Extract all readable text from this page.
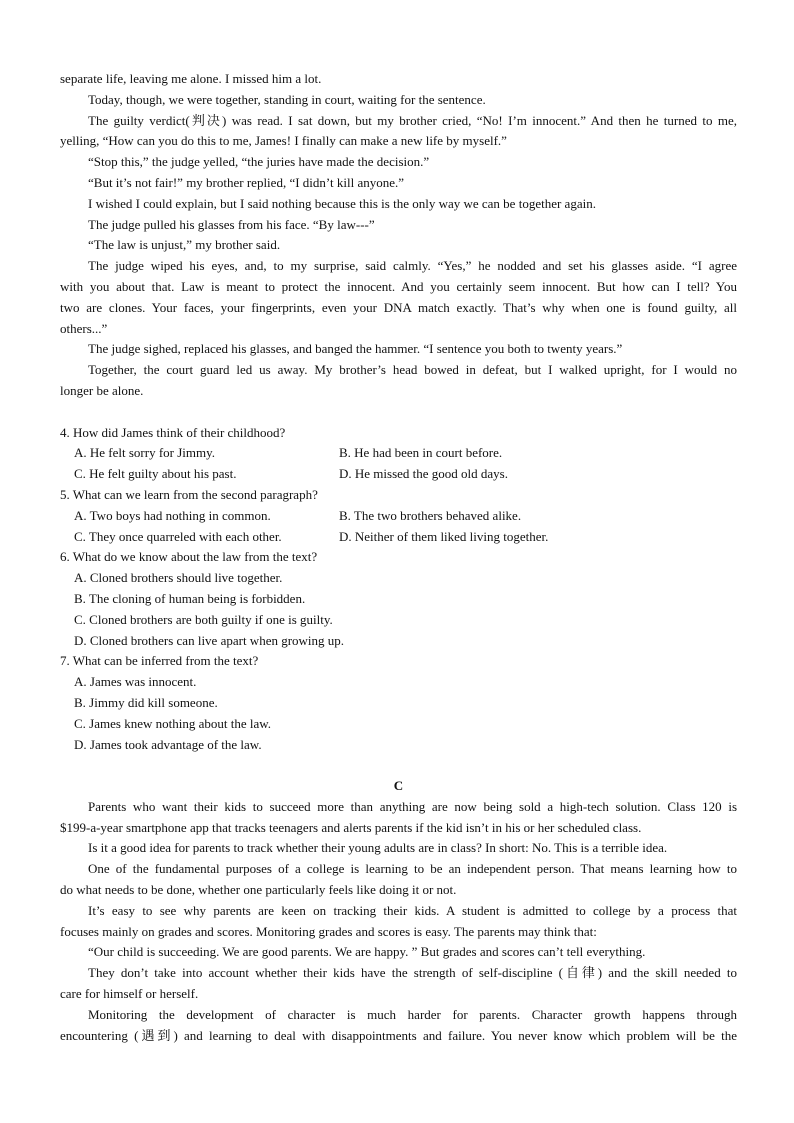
separate life, leaving me alone. I missed him a lot.

Today, though, we were together, standing in court, waiting for the sentence.

The guilty verdict(判决) was read. I sat down, but my brother cried, “No! I’m innocent.” And then he turned to me,

yelling, “How can you do this to me, James! I finally can make a new life by myself.”

“Stop this,” the judge yelled, “the juries have made the decision.”

“But it’s not fair!” my brother replied, “I didn’t kill anyone.”

I wished I could explain, but I said nothing because this is the only way we can be together again.

The judge pulled his glasses from his face. “By law---”

“The law is unjust,” my brother said.

The judge wiped his eyes, and, to my surprise, said calmly. “Yes,” he nodded and set his glasses aside. “I agree

with you about that. Law is meant to protect the innocent. And you certainly seem innocent. But how can I tell? You

two are clones. Your faces, your fingerprints, even your DNA match exactly. That’s why when one is found guilty, all

others...”

The judge sighed, replaced his glasses, and banged the hammer. “I sentence you both to twenty years.”

Together, the court guard led us away. My brother’s head bowed in defeat, but I walked upright, for I would no

longer be alone.

4. How did James think of their childhood?

A. He felt sorry for Jimmy.	B. He had been in court before.
C. He felt guilty about his past.	D. He missed the good old days.

5. What can we learn from the second paragraph?

A. Two boys had nothing in common.	B. The two brothers behaved alike.
C. They once quarreled with each other.	D. Neither of them liked living together.

6. What do we know about the law from the text?

A. Cloned brothers should live together.
B. The cloning of human being is forbidden.
C. Cloned brothers are both guilty if one is guilty.
D. Cloned brothers can live apart when growing up.

7. What can be inferred from the text?

A. James was innocent.
B. Jimmy did kill someone.
C. James knew nothing about the law.
D. James took advantage of the law.

C

Parents who want their kids to succeed more than anything are now being sold a high-tech solution. Class 120 is

$199-a-year smartphone app that tracks teenagers and alerts parents if the kid isn’t in his or her scheduled class.

Is it a good idea for parents to track whether their young adults are in class? In short: No. This is a terrible idea.

One of the fundamental purposes of a college is learning to be an independent person. That means learning how to

do what needs to be done, whether one particularly feels like doing it or not.

It’s easy to see why parents are keen on tracking their kids. A student is admitted to college by a process that

focuses mainly on grades and scores. Monitoring grades and scores is easy. The parents may think that:

“Our child is succeeding. We are good parents. We are happy. ” But grades and scores can’t tell everything.

They don’t take into account whether their kids have the strength of self-discipline (自律) and the skill needed to

care for himself or herself.

Monitoring the development of character is much harder for parents. Character growth happens through

encountering (遇到) and learning to deal with disappointments and failure. You never know which problem will be the
